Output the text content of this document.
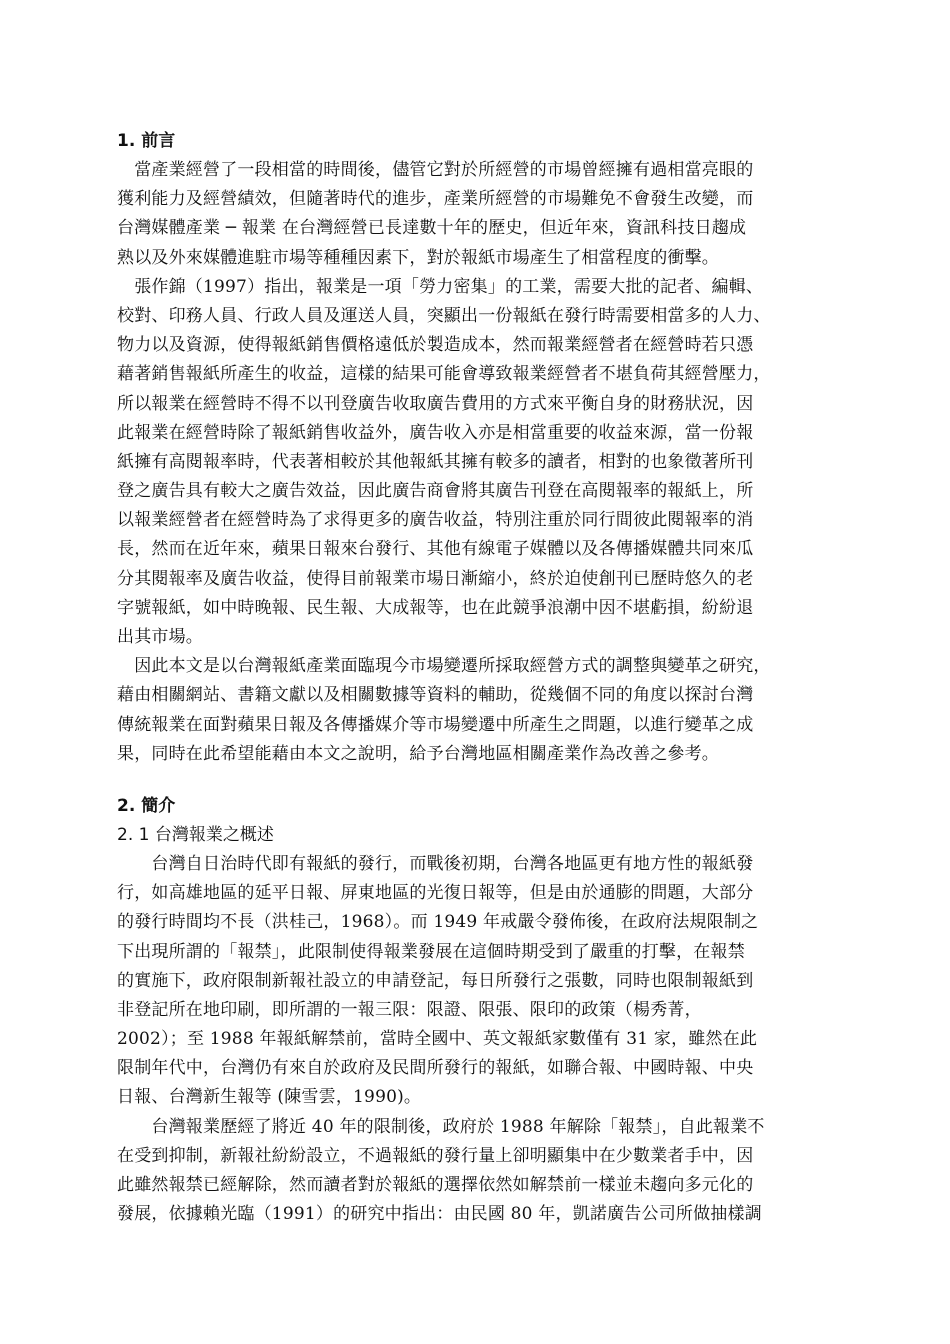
1. 前言
　當產業經營了一段相當的時間後，儘管它對於所經營的市場曾經擁有過相當亮眼的
獲利能力及經營績效，但隨著時代的進步，產業所經營的市場難免不會發生改變，而
台灣媒體產業 ─ 報業 在台灣經營已長達數十年的歷史，但近年來，資訊科技日趨成
熟以及外來媒體進駐市場等種種因素下，對於報紙市場產生了相當程度的衝擊。
　張作錦（1997）指出，報業是一項「勞力密集」的工業，需要大批的記者、編輯、
校對、印務人員、行政人員及運送人員，突顯出一份報紙在發行時需要相當多的人力、
物力以及資源，使得報紙銷售價格遠低於製造成本，然而報業經營者在經營時若只憑
藉著銷售報紙所產生的收益，這樣的結果可能會導致報業經營者不堪負荷其經營壓力，
所以報業在經營時不得不以刊登廣告收取廣告費用的方式來平衡自身的財務狀況，因
此報業在經營時除了報紙銷售收益外，廣告收入亦是相當重要的收益來源，當一份報
紙擁有高閱報率時，代表著相較於其他報紙其擁有較多的讀者，相對的也象徵著所刊
登之廣告具有較大之廣告效益，因此廣告商會將其廣告刊登在高閱報率的報紙上，所
以報業經營者在經營時為了求得更多的廣告收益，特別注重於同行間彼此閱報率的消
長，然而在近年來，蘋果日報來台發行、其他有線電子媒體以及各傳播媒體共同來瓜
分其閱報率及廣告收益，使得目前報業市場日漸縮小，終於迫使創刊已歷時悠久的老
字號報紙，如中時晚報、民生報、大成報等，也在此競爭浪潮中因不堪虧損，紛紛退
出其市場。
　因此本文是以台灣報紙產業面臨現今市場變遷所採取經營方式的調整與變革之研究，
藉由相關網站、書籍文獻以及相關數據等資料的輔助，從幾個不同的角度以探討台灣
傳統報業在面對蘋果日報及各傳播媒介等市場變遷中所產生之問題，以進行變革之成
果，同時在此希望能藉由本文之說明，給予台灣地區相關產業作為改善之參考。
2. 簡介
2. 1 台灣報業之概述
　　台灣自日治時代即有報紙的發行，而戰後初期，台灣各地區更有地方性的報紙發
行，如高雄地區的延平日報、屏東地區的光復日報等，但是由於通膨的問題，大部分
的發行時間均不長（洪桂己，1968）。而 1949 年戒嚴令發佈後，在政府法規限制之
下出現所謂的「報禁」，此限制使得報業發展在這個時期受到了嚴重的打擊，在報禁
的實施下，政府限制新報社設立的申請登記，每日所發行之張數，同時也限制報紙到
非登記所在地印刷，即所謂的一報三限：限證、限張、限印的政策（楊秀菁，
2002）；至 1988 年報紙解禁前，當時全國中、英文報紙家數僅有 31 家，雖然在此
限制年代中，台灣仍有來自於政府及民間所發行的報紙，如聯合報、中國時報、中央
日報、台灣新生報等 (陳雪雲，1990)。
　　台灣報業歷經了將近 40 年的限制後，政府於 1988 年解除「報禁」，自此報業不
在受到抑制，新報社紛紛設立，不過報紙的發行量上卻明顯集中在少數業者手中，因
此雖然報禁已經解除，然而讀者對於報紙的選擇依然如解禁前一樣並未趨向多元化的
發展，依據賴光臨（1991）的研究中指出：由民國 80 年，凱諾廣告公司所做抽樣調
